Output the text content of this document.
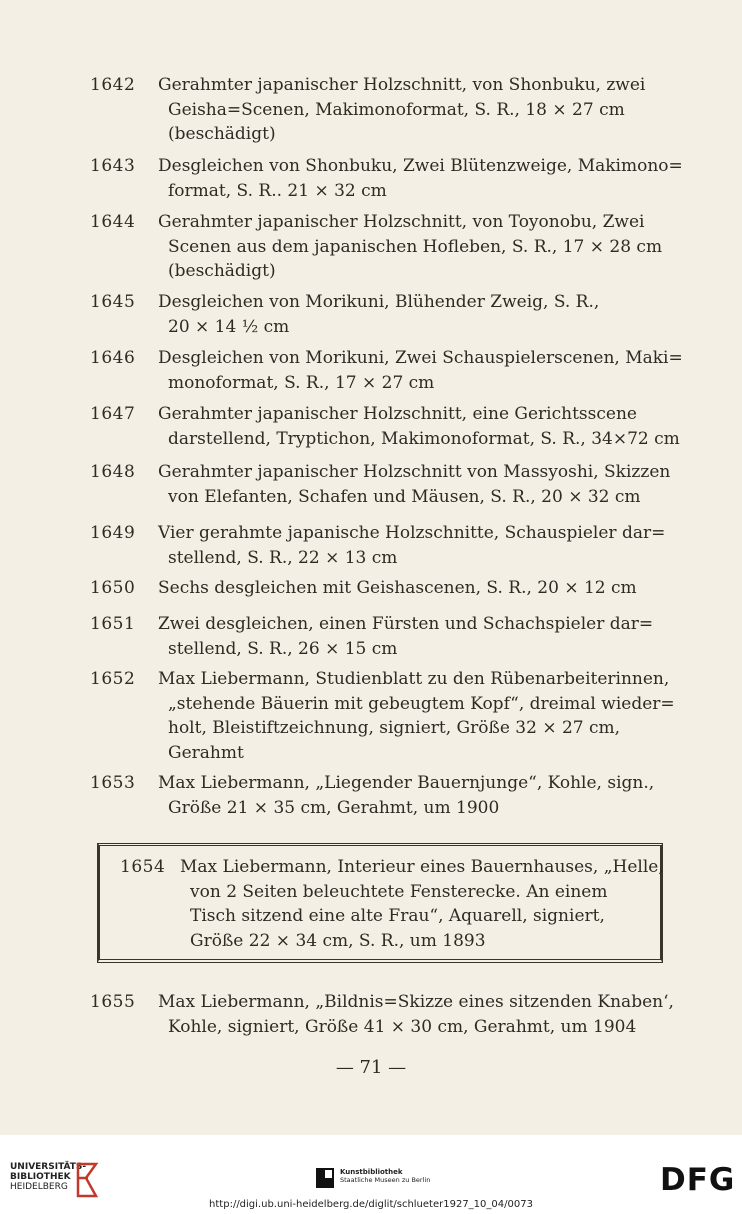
1642	Gerahmter japanischer Holzschnitt, von Shonbuku, zwei
Geisha=Scenen, Makimonoformat, S. R., 18 × 27 cm
(beschädigt)
1643	Desgleichen von Shonbuku, Zwei Blütenzweige, Makimono=
format, S. R.. 21 × 32 cm
1644	Gerahmter japanischer Holzschnitt, von Toyonobu, Zwei
Scenen aus dem japanischen Hofleben, S. R., 17 × 28 cm
(beschädigt)
1645	Desgleichen von Morikuni, Blühender Zweig, S. R.,
20 × 14 ½ cm
1646	Desgleichen von Morikuni, Zwei Schauspielerscenen, Maki=
monoformat, S. R., 17 × 27 cm
1647	Gerahmter japanischer Holzschnitt, eine Gerichtsscene
darstellend, Tryptichon, Makimonoformat, S. R., 34×72 cm
1648	Gerahmter japanischer Holzschnitt von Massyoshi, Skizzen
von Elefanten, Schafen und Mäusen, S. R., 20 × 32 cm
1649	Vier gerahmte japanische Holzschnitte, Schauspieler dar=
stellend, S. R., 22 × 13 cm
1650	Sechs desgleichen mit Geishascenen, S. R., 20 × 12 cm
1651	Zwei desgleichen, einen Fürsten und Schachspieler dar=
stellend, S. R., 26 × 15 cm
1652	Max Liebermann, Studienblatt zu den Rübenarbeiterinnen,
„stehende Bäuerin mit gebeugtem Kopf“, dreimal wieder=
holt, Bleistiftzeichnung, signiert, Größe 32 × 27 cm,
Gerahmt
1653	Max Liebermann, „Liegender Bauernjunge“, Kohle, sign.,
Größe 21 × 35 cm, Gerahmt, um 1900
1654 Max Liebermann, Interieur eines Bauernhauses, „Helle,
von 2 Seiten beleuchtete Fensterecke. An einem
Tisch sitzend eine alte Frau“, Aquarell, signiert,
Größe 22 × 34 cm, S. R., um 1893
1655	Max Liebermann, „Bildnis=Skizze eines sitzenden Knaben‘,
Kohle, signiert, Größe 41 × 30 cm, Gerahmt, um 1904
— 71 —
UNIVERSITÄTS-
BIBLIOTHEK
HEIDELBERG
Kunstbibliothek
Staatliche Museen zu Berlin	DFG
http://digi.ub.uni-heidelberg.de/diglit/schlueter1927_10_04/0073
